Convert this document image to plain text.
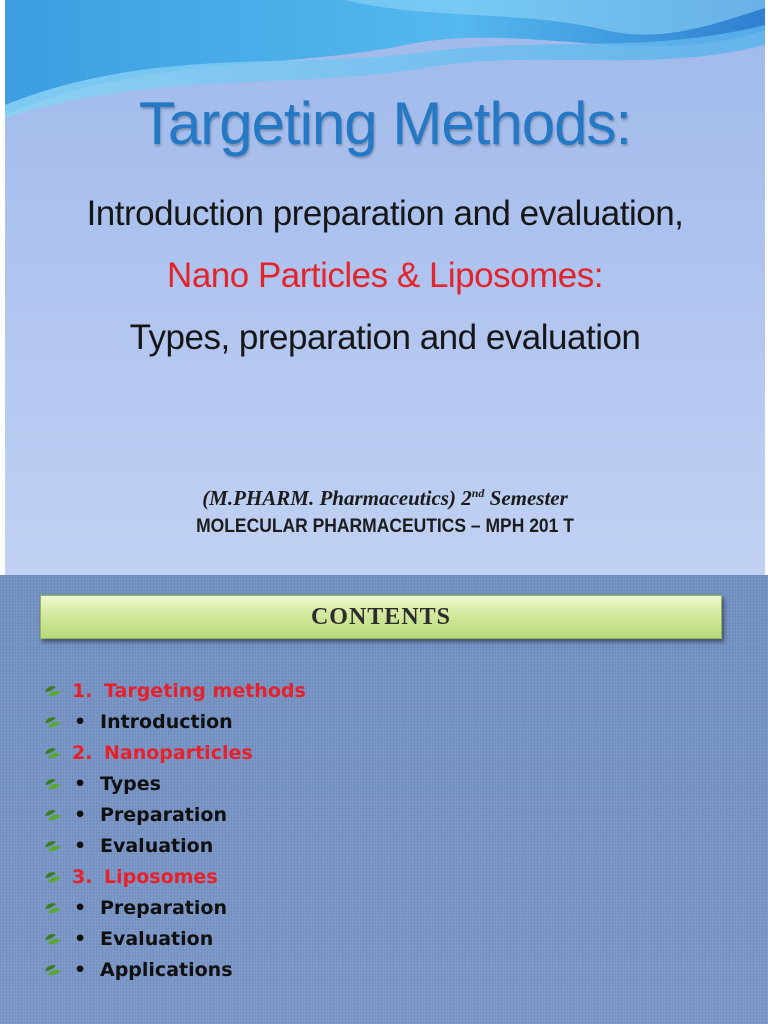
Targeting Methods:
Introduction preparation and evaluation,
Nano Particles & Liposomes:
Types, preparation and evaluation
(M.PHARM. Pharmaceutics) 2nd Semester
MOLECULAR PHARMACEUTICS – MPH 201 T
CONTENTS
1. Targeting methods
• Introduction
2. Nanoparticles
• Types
• Preparation
• Evaluation
3. Liposomes
• Preparation
• Evaluation
• Applications
